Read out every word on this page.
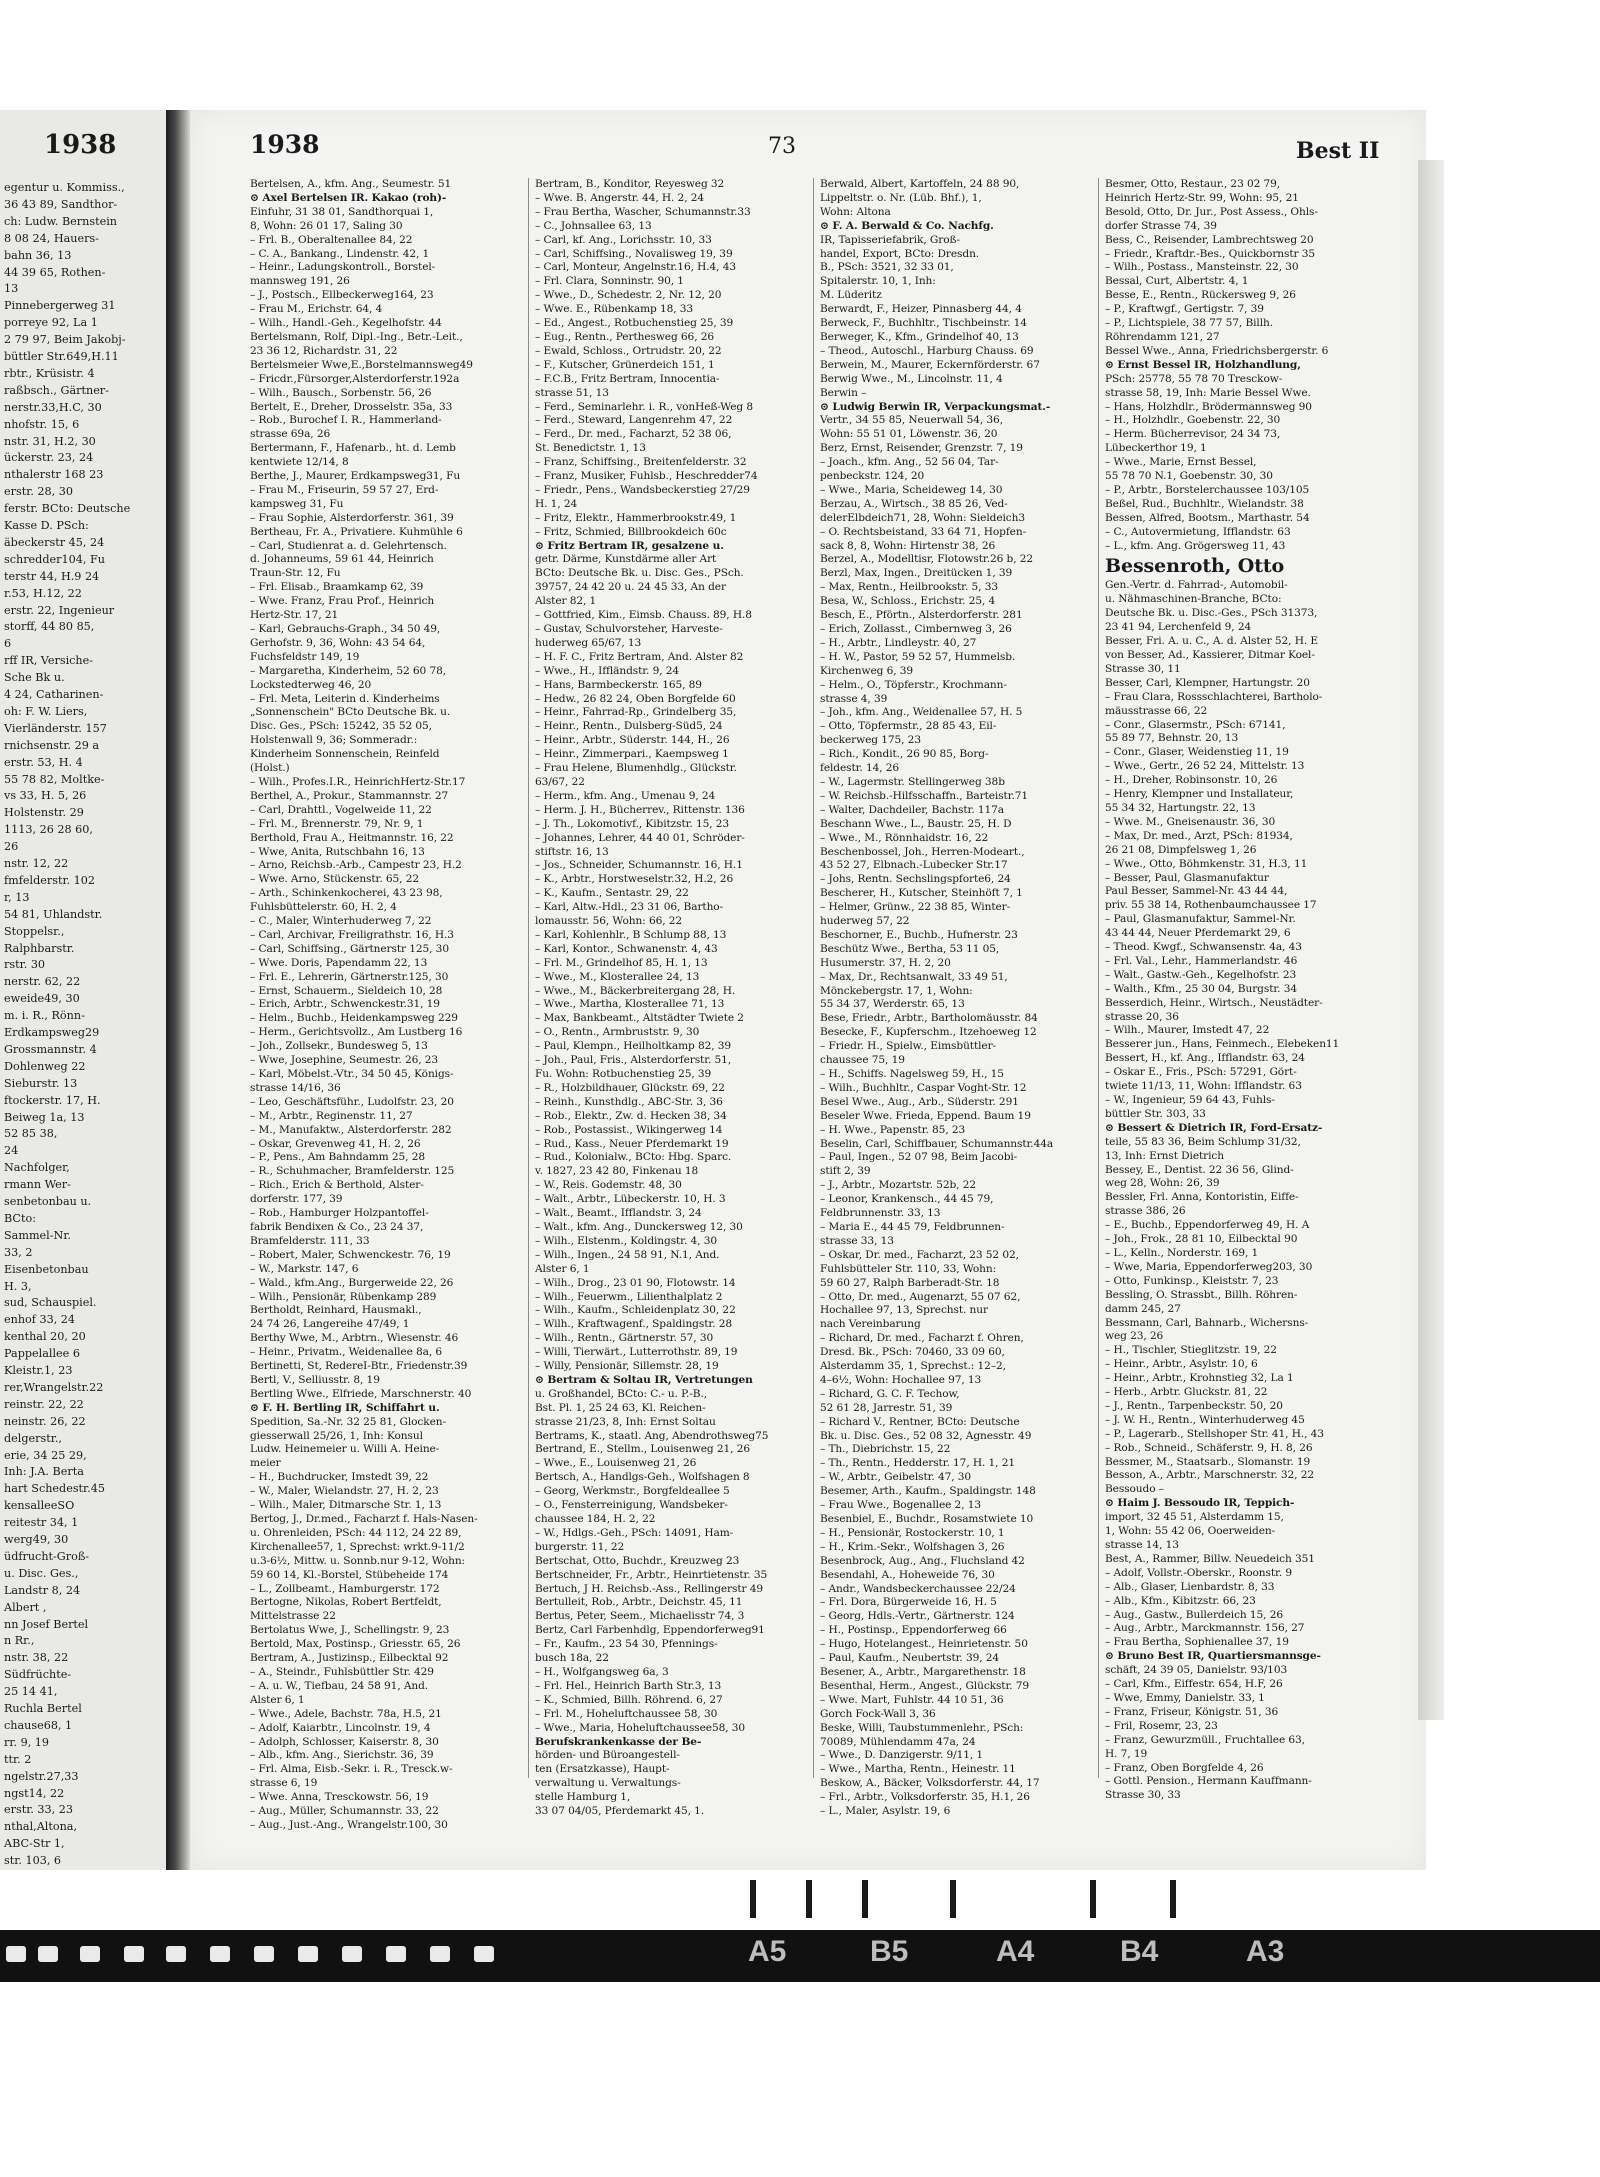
1938
egentur u. Kommiss.,
36 43 89, Sandthor-
ch: Ludw. Bernstein
8 08 24, Hauers-
bahn 36, 13
44 39 65, Rothen-
13
Pinnebergerweg 31
porreye 92, La 1
2 79 97, Beim Jakobj-
büttler Str.649,H.11
rbtr., Krüsistr. 4
raßbsch., Gärtner-
nerstr.33,H.C, 30
nhofstr. 15, 6
nstr. 31, H.2, 30
ückerstr. 23, 24
nthalerstr 168 23
erstr. 28, 30
ferstr. BCto: Deutsche
Kasse D. PSch:
äbeckerstr 45, 24
schredder104, Fu
terstr 44, H.9 24
r.53, H.12, 22
erstr. 22, Ingenieur
storff, 44 80 85,
6
rff IR, Versiche-
Sche Bk u.
4 24, Catharinen-
oh: F. W. Liers,
Vierländerstr. 157
rnichsenstr. 29 a
erstr. 53, H. 4
55 78 82, Moltke-
vs 33, H. 5, 26
Holstenstr. 29
1113, 26 28 60,
26
nstr. 12, 22
fmfelderstr. 102
r, 13
54 81, Uhlandstr.
Stoppelsr.,
Ralphbarstr.
rstr. 30
nerstr. 62, 22
eweide49, 30
m. i. R., Rönn-
Erdkampsweg29
Grossmannstr. 4
Dohlenweg 22
Sieburstr. 13
ftockerstr. 17, H.
Beiweg 1a, 13
52 85 38,
24
Nachfolger,
rmann Wer-
senbetonbau u.
BCto:
Sammel-Nr.
33, 2
Eisenbetonbau
H. 3,
sud, Schauspiel.
enhof 33, 24
kenthal 20, 20
Pappelallee 6
Kleistr.1, 23
rer,Wrangelstr.22
reinstr. 22, 22
neinstr. 26, 22
delgerstr.,
erie, 34 25 29,
Inh: J.A. Berta
hart Schedestr.45
kensalleeSO
reitestr 34, 1
werg49, 30
üdfrucht-Groß-
u. Disc. Ges.,
Landstr 8, 24
Albert ,
nn Josef Bertel
n Rr.,
nstr. 38, 22
Südfrüchte-
25 14 41,
Ruchla Bertel
chause68, 1
rr. 9, 19
ttr. 2
ngelstr.27,33
ngst14, 22
erstr. 33, 23
nthal,Altona,
ABC-Str 1,
str. 103, 6
1938	73	Best II
Bertelsen, A., kfm. Ang., Seumestr. 51
⊙ Axel Bertelsen IR. Kakao (roh)-
Einfuhr, 31 38 01, Sandthorquai 1,
8, Wohn: 26 01 17, Saling 30
– Frl. B., Oberaltenallee 84, 22
– C. A., Bankang., Lindenstr. 42, 1
– Heinr., Ladungskontroll., Borstel-
mannsweg 191, 26
– J., Postsch., Ellbeckerweg164, 23
– Frau M., Erichstr. 64, 4
– Wilh., Handl.-Geh., Kegelhofstr. 44
Bertelsmann, Rolf, Dipl.-Ing., Betr.-Leit.,
23 36 12, Richardstr. 31, 22
Bertelsmeier Wwe,E.,Borstelmannsweg49
– Fricdr.,Fürsorger,Alsterdorferstr.192a
– Wilh., Bausch., Sorbenstr. 56, 26
Bertelt, E., Dreher, Drosselstr. 35a, 33
– Rob., Burochef I. R., Hammerland-
strasse 69a, 26
Bertermann, F., Hafenarb., ht. d. Lemb
kentwiete 12/14, 8
Berthe, J., Maurer, Erdkampsweg31, Fu
– Frau M., Friseurin, 59 57 27, Erd-
kampsweg 31, Fu
– Frau Sophie, Alsterdorferstr. 361, 39
Bertheau, Fr. A., Privatiere. Kuhmühle 6
– Carl, Studienrat a. d. Gelehrtensch.
d. Johanneums, 59 61 44, Heinrich
Traun-Str. 12, Fu
– Frl. Elisab., Braamkamp 62, 39
– Wwe. Franz, Frau Prof., Heinrich
Hertz-Str. 17, 21
– Karl, Gebrauchs-Graph., 34 50 49,
Gerhofstr. 9, 36, Wohn: 43 54 64,
Fuchsfeldstr 149, 19
– Margaretha, Kinderheim, 52 60 78,
Lockstedterweg 46, 20
– Frl. Meta, Leiterin d. Kinderheims
„Sonnenschein" BCto Deutsche Bk. u.
Disc. Ges., PSch: 15242, 35 52 05,
Holstenwall 9, 36; Sommeradr.:
Kinderheim Sonnenschein, Reinfeld
(Holst.)
– Wilh., Profes.I.R., HeinrichHertz-Str.17
Berthel, A., Prokur., Stammannstr. 27
– Carl, Drahttl., Vogelweide 11, 22
– Frl. M., Brennerstr. 79, Nr. 9, 1
Berthold, Frau A., Heitmannstr. 16, 22
– Wwe, Anita, Rutschbahn 16, 13
– Arno, Reichsb.-Arb., Campestr 23, H.2
– Wwe. Arno, Stückenstr. 65, 22
– Arth., Schinkenkocherei, 43 23 98,
Fuhlsbüttelerstr. 60, H. 2, 4
– C., Maler, Winterhuderweg 7, 22
– Carl, Archivar, Freiligrathstr. 16, H.3
– Carl, Schiffsing., Gärtnerstr 125, 30
– Wwe. Doris, Papendamm 22, 13
– Frl. E., Lehrerin, Gärtnerstr.125, 30
– Ernst, Schauerm., Sieldeich 10, 28
– Erich, Arbtr., Schwenckestr.31, 19
– Helm., Buchb., Heidenkampsweg 229
– Herm., Gerichtsvollz., Am Lustberg 16
– Joh., Zollsekr., Bundesweg 5, 13
– Wwe, Josephine, Seumestr. 26, 23
– Karl, Möbelst.-Vtr., 34 50 45, Königs-
strasse 14/16, 36
– Leo, Geschäftsführ., Ludolfstr. 23, 20
– M., Arbtr., Reginenstr. 11, 27
– M., Manufaktw., Alsterdorferstr. 282
– Oskar, Grevenweg 41, H. 2, 26
– P., Pens., Am Bahndamm 25, 28
– R., Schuhmacher, Bramfelderstr. 125
– Rich., Erich & Berthold, Alster-
dorferstr. 177, 39
– Rob., Hamburger Holzpantoffel-
fabrik Bendixen & Co., 23 24 37,
Bramfelderstr. 111, 33
– Robert, Maler, Schwenckestr. 76, 19
– W., Markstr. 147, 6
– Wald., kfm.Ang., Burgerweide 22, 26
– Wilh., Pensionär, Rübenkamp 289
Bertholdt, Reinhard, Hausmakl.,
24 74 26, Langereihe 47/49, 1
Berthy Wwe, M., Arbtrn., Wiesenstr. 46
– Heinr., Privatm., Weidenallee 8a, 6
Bertinetti, St, RedereI-Btr., Friedenstr.39
Bertl, V., Selliusstr. 8, 19
Bertling Wwe., Elfriede, Marschnerstr. 40
⊙ F. H. Bertling IR, Schiffahrt u.
Spedition, Sa.-Nr. 32 25 81, Glocken-
giesserwall 25/26, 1, Inh: Konsul
Ludw. Heinemeier u. Willi A. Heine-
meier
– H., Buchdrucker, Imstedt 39, 22
– W., Maler, Wielandstr. 27, H. 2, 23
– Wilh., Maler, Ditmarsche Str. 1, 13
Bertog, J., Dr.med., Facharzt f. Hals-Nasen-
u. Ohrenleiden, PSch: 44 112, 24 22 89,
Kirchenallee57, 1, Sprechst: wrkt.9-11/2
u.3-6½, Mittw. u. Sonnb.nur 9-12, Wohn:
59 60 14, Kl.-Borstel, Stübeheide 174
– L., Zollbeamt., Hamburgerstr. 172
Bertogne, Nikolas, Robert Bertfeldt,
Mittelstrasse 22
Bertolatus Wwe, J., Schellingstr. 9, 23
Bertold, Max, Postinsp., Griesstr. 65, 26
Bertram, A., Justizinsp., Eilbecktal 92
– A., Steindr., Fuhlsbüttler Str. 429
– A. u. W., Tiefbau, 24 58 91, And.
Alster 6, 1
– Wwe., Adele, Bachstr. 78a, H.5, 21
– Adolf, Kaiarbtr., Lincolnstr. 19, 4
– Adolph, Schlosser, Kaiserstr. 8, 30
– Alb., kfm. Ang., Sierichstr. 36, 39
– Frl. Alma, Eisb.-Sekr. i. R., Tresck.w-
strasse 6, 19
– Wwe. Anna, Tresckowstr. 56, 19
– Aug., Müller, Schumannstr. 33, 22
– Aug., Just.-Ang., Wrangelstr.100, 30
Bertram, B., Konditor, Reyesweg 32
– Wwe. B. Angerstr. 44, H. 2, 24
– Frau Bertha, Wascher, Schumannstr.33
– C., Johnsallee 63, 13
– Carl, kf. Ang., Lorichsstr. 10, 33
– Carl, Schiffsing., Novalisweg 19, 39
– Carl, Monteur, Angelnstr.16, H.4, 43
– Frl. Clara, Sonninstr. 90, 1
– Wwe., D., Schedestr. 2, Nr. 12, 20
– Wwe. E., Rübenkamp 18, 33
– Ed., Angest., Rotbuchenstieg 25, 39
– Eug., Rentn., Perthesweg 66, 26
– Ewald, Schloss., Ortrudstr. 20, 22
– F., Kutscher, Grünerdeich 151, 1
– F.C.B., Fritz Bertram, Innocentia-
strasse 51, 13
– Ferd., Seminarlehr. i. R., vonHeß-Weg 8
– Ferd., Steward, Langenrehm 47, 22
– Ferd., Dr. med., Facharzt, 52 38 06,
St. Benedictstr. 1, 13
– Franz, Schiffsing., Breitenfelderstr. 32
– Franz, Musiker, Fuhlsb., Heschredder74
– Friedr., Pens., Wandsbeckerstieg 27/29
H. 1, 24
– Fritz, Elektr., Hammerbrookstr.49, 1
– Fritz, Schmied, Billbrookdeich 60c
⊙ Fritz Bertram IR, gesalzene u.
getr. Därme, Kunstdärme aller Art
BCto: Deutsche Bk. u. Disc. Ges., PSch.
39757, 24 42 20 u. 24 45 33, An der
Alster 82, 1
– Gottfried, Kim., Eimsb. Chauss. 89, H.8
– Gustav, Schulvorsteher, Harveste-
huderweg 65/67, 13
– H. F. C., Fritz Bertram, And. Alster 82
– Wwe., H., Iffländstr. 9, 24
– Hans, Barmbeckerstr. 165, 89
– Hedw., 26 82 24, Oben Borgfelde 60
– Heinr., Fahrrad-Rp., Grindelberg 35,
– Heinr., Rentn., Dulsberg-Süd5, 24
– Heinr., Arbtr., Süderstr. 144, H., 26
– Heinr., Zimmerpari., Kaempsweg 1
– Frau Helene, Blumenhdlg., Glückstr.
63/67, 22
– Herm., kfm. Ang., Umenau 9, 24
– Herm. J. H., Bücherrev., Rittenstr. 136
– J. Th., Lokomotivf., Kibitzstr. 15, 23
– Johannes, Lehrer, 44 40 01, Schröder-
stiftstr. 16, 13
– Jos., Schneider, Schumannstr. 16, H.1
– K., Arbtr., Horstweselstr.32, H.2, 26
– K., Kaufm., Sentastr. 29, 22
– Karl, Altw.-Hdl., 23 31 06, Bartho-
lomausstr. 56, Wohn: 66, 22
– Karl, Kohlenhlr., B Schlump 88, 13
– Karl, Kontor., Schwanenstr. 4, 43
– Frl. M., Grindelhof 85, H. 1, 13
– Wwe., M., Klosterallee 24, 13
– Wwe., M., Bäckerbreitergang 28, H.
– Wwe., Martha, Klosterallee 71, 13
– Max, Bankbeamt., Altstädter Twiete 2
– O., Rentn., Armbruststr. 9, 30
– Paul, Klempn., Heilholtkamp 82, 39
– Joh., Paul, Fris., Alsterdorferstr. 51,
Fu. Wohn: Rotbuchenstieg 25, 39
– R., Holzbildhauer, Glückstr. 69, 22
– Reinh., Kunsthdlg., ABC-Str. 3, 36
– Rob., Elektr., Zw. d. Hecken 38, 34
– Rob., Postassist., Wikingerweg 14
– Rud., Kass., Neuer Pferdemarkt 19
– Rud., Kolonialw., BCto: Hbg. Sparc.
v. 1827, 23 42 80, Finkenau 18
– W., Reis. Godemstr. 48, 30
– Walt., Arbtr., Lübeckerstr. 10, H. 3
– Walt., Beamt., Ifflandstr. 3, 24
– Walt., kfm. Ang., Dunckersweg 12, 30
– Wilh., Elstenm., Koldingstr. 4, 30
– Wilh., Ingen., 24 58 91, N.1, And.
Alster 6, 1
– Wilh., Drog., 23 01 90, Flotowstr. 14
– Wilh., Feuerwm., Lilienthalplatz 2
– Wilh., Kaufm., Schleidenplatz 30, 22
– Wilh., Kraftwagenf., Spaldingstr. 28
– Wilh., Rentn., Gärtnerstr. 57, 30
– Willi, Tierwärt., Lutterrothstr. 89, 19
– Willy, Pensionär, Sillemstr. 28, 19
⊙ Bertram & Soltau IR, Vertretungen
u. Großhandel, BCto: C.- u. P.-B.,
Bst. Pl. 1, 25 24 63, Kl. Reichen-
strasse 21/23, 8, Inh: Ernst Soltau
Bertrams, K., staatl. Ang, Abendrothsweg75
Bertrand, E., Stellm., Louisenweg 21, 26
– Wwe., E., Louisenweg 21, 26
Bertsch, A., Handlgs-Geh., Wolfshagen 8
– Georg, Werkmstr., Borgfeldeallee 5
– O., Fensterreinigung, Wandsbeker-
chaussee 184, H. 2, 22
– W., Hdlgs.-Geh., PSch: 14091, Ham-
burgerstr. 11, 22
Bertschat, Otto, Buchdr., Kreuzweg 23
Bertschneider, Fr., Arbtr., Heinrtietenstr. 35
Bertuch, J H. Reichsb.-Ass., Rellingerstr 49
Bertulleit, Rob., Arbtr., Deichstr. 45, 11
Bertus, Peter, Seem., Michaelisstr 74, 3
Bertz, Carl Farbenhdlg, Eppendorferweg91
– Fr., Kaufm., 23 54 30, Pfennings-
busch 18a, 22
– H., Wolfgangsweg 6a, 3
– Frl. Hel., Heinrich Barth Str.3, 13
– K., Schmied, Billh. Röhrend. 6, 27
– Frl. M., Hoheluftchaussee 58, 30
– Wwe., Maria, Hoheluftchaussee58, 30
Berufskrankenkasse der Be-
hörden- und Büroangestell-
ten (Ersatzkasse), Haupt-
verwaltung u. Verwaltungs-
stelle Hamburg 1,
33 07 04/05, Pferdemarkt 45, 1.
Berwald, Albert, Kartoffeln, 24 88 90,
Lippeltstr. o. Nr. (Lüb. Bhf.), 1,
Wohn: Altona
⊙ F. A. Berwald & Co. Nachfg.
IR, Tapisseriefabrik, Groß-
handel, Export, BCto: Dresdn.
B., PSch: 3521, 32 33 01,
Spitalerstr. 10, 1, Inh:
M. Lüderitz
Berwardt, F., Heizer, Pinnasberg 44, 4
Berweck, F., Buchhltr., Tischbeinstr. 14
Berweger, K., Kfm., Grindelhof 40, 13
– Theod., Autoschl., Harburg Chauss. 69
Berwein, M., Maurer, Eckernförderstr. 67
Berwig Wwe., M., Lincolnstr. 11, 4
Berwin –
⊙ Ludwig Berwin IR, Verpackungsmat.-
Vertr., 34 55 85, Neuerwall 54, 36,
Wohn: 55 51 01, Löwenstr. 36, 20
Berz, Ernst, Reisender, Grenzstr. 7, 19
– Joach., kfm. Ang., 52 56 04, Tar-
penbeckstr. 124, 20
– Wwe., Maria, Scheideweg 14, 30
Berzau, A., Wirtsch., 38 85 26, Ved-
delerElbdeich71, 28, Wohn: Sieldeich3
– O. Rechtsbeistand, 33 64 71, Hopfen-
sack 8, 8, Wohn: Hirtenstr 38, 26
Berzel, A., Modelltisr, Flotowstr.26 b, 22
Berzl, Max, Ingen., Dreitücken 1, 39
– Max, Rentn., Heilbrookstr. 5, 33
Besa, W., Schloss., Erichstr. 25, 4
Besch, E., Pförtn., Alsterdorferstr. 281
– Erich, Zollasst., Cimbernweg 3, 26
– H., Arbtr., Lindleystr. 40, 27
– H. W., Pastor, 59 52 57, Hummelsb.
Kirchenweg 6, 39
– Helm., O., Töpferstr., Krochmann-
strasse 4, 39
– Joh., kfm. Ang., Weidenallee 57, H. 5
– Otto, Töpfermstr., 28 85 43, Eil-
beckerweg 175, 23
– Rich., Kondit., 26 90 85, Borg-
feldestr. 14, 26
– W., Lagermstr. Stellingerweg 38b
– W. Reichsb.-Hilfsschaffn., Barteistr.71
– Walter, Dachdeiler, Bachstr. 117a
Beschann Wwe., L., Baustr. 25, H. D
– Wwe., M., Rönnhaidstr. 16, 22
Beschenbossel, Joh., Herren-Modeart.,
43 52 27, Elbnach.-Lubecker Str.17
– Johs, Rentn. Sechslingspforte6, 24
Bescherer, H., Kutscher, Steinhöft 7, 1
– Helmer, Grünw., 22 38 85, Winter-
huderweg 57, 22
Beschorner, E., Buchb., Hufnerstr. 23
Beschütz Wwe., Bertha, 53 11 05,
Husumerstr. 37, H. 2, 20
– Max, Dr., Rechtsanwalt, 33 49 51,
Mönckebergstr. 17, 1, Wohn:
55 34 37, Werderstr. 65, 13
Bese, Friedr., Arbtr., Bartholomäusstr. 84
Besecke, F., Kupferschm., Itzehoeweg 12
– Friedr. H., Spielw., Eimsbüttler-
chaussee 75, 19
– H., Schiffs. Nagelsweg 59, H., 15
– Wilh., Buchhltr., Caspar Voght-Str. 12
Besel Wwe., Aug., Arb., Süderstr. 291
Beseler Wwe. Frieda, Eppend. Baum 19
– H. Wwe., Papenstr. 85, 23
Beselin, Carl, Schiffbauer, Schumannstr.44a
– Paul, Ingen., 52 07 98, Beim Jacobi-
stift 2, 39
– J., Arbtr., Mozartstr. 52b, 22
– Leonor, Krankensch., 44 45 79,
Feldbrunnenstr. 33, 13
– Maria E., 44 45 79, Feldbrunnen-
strasse 33, 13
– Oskar, Dr. med., Facharzt, 23 52 02,
Fuhlsbütteler Str. 110, 33, Wohn:
59 60 27, Ralph Barberadt-Str. 18
– Otto, Dr. med., Augenarzt, 55 07 62,
Hochallee 97, 13, Sprechst. nur
nach Vereinbarung
– Richard, Dr. med., Facharzt f. Ohren,
Dresd. Bk., PSch: 70460, 33 09 60,
Alsterdamm 35, 1, Sprechst.: 12–2,
4–6½, Wohn: Hochallee 97, 13
– Richard, G. C. F. Techow,
52 61 28, Jarrestr. 51, 39
– Richard V., Rentner, BCto: Deutsche
Bk. u. Disc. Ges., 52 08 32, Agnesstr. 49
– Th., Diebrichstr. 15, 22
– Th., Rentn., Hedderstr. 17, H. 1, 21
– W., Arbtr., Geibelstr. 47, 30
Besemer, Arth., Kaufm., Spaldingstr. 148
– Frau Wwe., Bogenallee 2, 13
Besenbiel, E., Buchdr., Rosamstwiete 10
– H., Pensionär, Rostockerstr. 10, 1
– H., Krim.-Sekr., Wolfshagen 3, 26
Besenbrock, Aug., Ang., Fluchsland 42
Besendahl, A., Hoheweide 76, 30
– Andr., Wandsbeckerchaussee 22/24
– Frl. Dora, Bürgerweide 16, H. 5
– Georg, Hdls.-Vertr., Gärtnerstr. 124
– H., Postinsp., Eppendorferweg 66
– Hugo, Hotelangest., Heinrietenstr. 50
– Paul, Kaufm., Neubertstr. 39, 24
Besener, A., Arbtr., Margarethenstr. 18
Besenthal, Herm., Angest., Glückstr. 79
– Wwe. Mart, Fuhlstr. 44 10 51, 36
Gorch Fock-Wall 3, 36
Beske, Willi, Taubstummenlehr., PSch:
70089, Mühlendamm 47a, 24
– Wwe., D. Danzigerstr. 9/11, 1
– Wwe., Martha, Rentn., Heinestr. 11
Beskow, A., Bäcker, Volksdorferstr. 44, 17
– Frl., Arbtr., Volksdorferstr. 35, H.1, 26
– L., Maler, Asylstr. 19, 6
Besmer, Otto, Restaur., 23 02 79,
Heinrich Hertz-Str. 99, Wohn: 95, 21
Besold, Otto, Dr. Jur., Post Assess., Ohls-
dorfer Strasse 74, 39
Bess, C., Reisender, Lambrechtsweg 20
– Friedr., Kraftdr.-Bes., Quickbornstr 35
– Wilh., Postass., Mansteinstr. 22, 30
Bessal, Curt, Albertstr. 4, 1
Besse, E., Rentn., Rückersweg 9, 26
– P., Kraftwgf., Gertigstr. 7, 39
– P., Lichtspiele, 38 77 57, Billh.
Röhrendamm 121, 27
Bessel Wwe., Anna, Friedrichsbergerstr. 6
⊙ Ernst Bessel IR, Holzhandlung,
PSch: 25778, 55 78 70 Tresckow-
strasse 58, 19, Inh: Marie Bessel Wwe.
– Hans, Holzhdlr., Brödermannsweg 90
– H., Holzhdlr., Goebenstr. 22, 30
– Herm. Bücherrevisor, 24 34 73,
Lübeckerthor 19, 1
– Wwe., Marie, Ernst Bessel,
55 78 70 N.1, Goebenstr. 30, 30
– P., Arbtr., Borstelerchaussee 103/105
Beßel, Rud., Buchhltr., Wielandstr. 38
Bessen, Alfred, Bootsm., Marthastr. 54
– C., Autovermietung, Ifflandstr. 63
– L., kfm. Ang. Grögersweg 11, 43
Bessenroth, Otto
Gen.-Vertr. d. Fahrrad-, Automobil-
u. Nähmaschinen-Branche, BCto:
Deutsche Bk. u. Disc.-Ges., PSch 31373,
23 41 94, Lerchenfeld 9, 24
Besser, Fri. A. u. C., A. d. Alster 52, H. E
von Besser, Ad., Kassierer, Ditmar Koel-
Strasse 30, 11
Besser, Carl, Klempner, Hartungstr. 20
– Frau Clara, Rossschlachterei, Bartholo-
mäusstrasse 66, 22
– Conr., Glasermstr., PSch: 67141,
55 89 77, Behnstr. 20, 13
– Conr., Glaser, Weidenstieg 11, 19
– Wwe., Gertr., 26 52 24, Mittelstr. 13
– H., Dreher, Robinsonstr. 10, 26
– Henry, Klempner und Installateur,
55 34 32, Hartungstr. 22, 13
– Wwe. M., Gneisenaustr. 36, 30
– Max, Dr. med., Arzt, PSch: 81934,
26 21 08, Dimpfelsweg 1, 26
– Wwe., Otto, Böhmkenstr. 31, H.3, 11
– Besser, Paul, Glasmanufaktur
Paul Besser, Sammel-Nr. 43 44 44,
priv. 55 38 14, Rothenbaumchaussee 17
– Paul, Glasmanufaktur, Sammel-Nr.
43 44 44, Neuer Pferdemarkt 29, 6
– Theod. Kwgf., Schwansenstr. 4a, 43
– Frl. Val., Lehr., Hammerlandstr. 46
– Walt., Gastw.-Geh., Kegelhofstr. 23
– Walth., Kfm., 25 30 04, Burgstr. 34
Besserdich, Heinr., Wirtsch., Neustädter-
strasse 20, 36
– Wilh., Maurer, Imstedt 47, 22
Besserer jun., Hans, Feinmech., Elebeken11
Bessert, H., kf. Ang., Ifflandstr. 63, 24
– Oskar E., Fris., PSch: 57291, Gört-
twiete 11/13, 11, Wohn: Ifflandstr. 63
– W., Ingenieur, 59 64 43, Fuhls-
büttler Str. 303, 33
⊙ Bessert & Dietrich IR, Ford-Ersatz-
teile, 55 83 36, Beim Schlump 31/32,
13, Inh: Ernst Dietrich
Bessey, E., Dentist. 22 36 56, Glind-
weg 28, Wohn: 26, 39
Bessler, Frl. Anna, Kontoristin, Eiffe-
strasse 386, 26
– E., Buchb., Eppendorferweg 49, H. A
– Joh., Frok., 28 81 10, Eilbecktal 90
– L., Kelln., Norderstr. 169, 1
– Wwe, Maria, Eppendorferweg203, 30
– Otto, Funkinsp., Kleiststr. 7, 23
Bessling, O. Strassbt., Billh. Röhren-
damm 245, 27
Bessmann, Carl, Bahnarb., Wichersns-
weg 23, 26
– H., Tischler, Stieglitzstr. 19, 22
– Heinr., Arbtr., Asylstr. 10, 6
– Heinr., Arbtr., Krohnstieg 32, La 1
– Herb., Arbtr. Gluckstr. 81, 22
– J., Rentn., Tarpenbeckstr. 50, 20
– J. W. H., Rentn., Winterhuderweg 45
– P., Lagerarb., Stellshoper Str. 41, H., 43
– Rob., Schneid., Schäferstr. 9, H. 8, 26
Bessmer, M., Staatsarb., Slomanstr. 19
Besson, A., Arbtr., Marschnerstr. 32, 22
Bessoudo –
⊙ Haim J. Bessoudo IR, Teppich-
import, 32 45 51, Alsterdamm 15,
1, Wohn: 55 42 06, Ooerweiden-
strasse 14, 13
Best, A., Rammer, Billw. Neuedeich 351
– Adolf, Vollstr.-Oberskr., Roonstr. 9
– Alb., Glaser, Lienbardstr. 8, 33
– Alb., Kfm., Kibitzstr. 66, 23
– Aug., Gastw., Bullerdeich 15, 26
– Aug., Arbtr., Marckmannstr. 156, 27
– Frau Bertha, Sophienallee 37, 19
⊙ Bruno Best IR, Quartiersmannsge-
schäft, 24 39 05, Danielstr. 93/103
– Carl, Kfm., Eiffestr. 654, H.F, 26
– Wwe, Emmy, Danielstr. 33, 1
– Franz, Friseur, Königstr. 51, 36
– Fril, Rosemr, 23, 23
– Franz, Gewurzmüll., Fruchtallee 63,
H. 7, 19
– Franz, Oben Borgfelde 4, 26
– Gottl. Pension., Hermann Kauffmann-
Strasse 30, 33
A5	B5	A4	B4	A3
